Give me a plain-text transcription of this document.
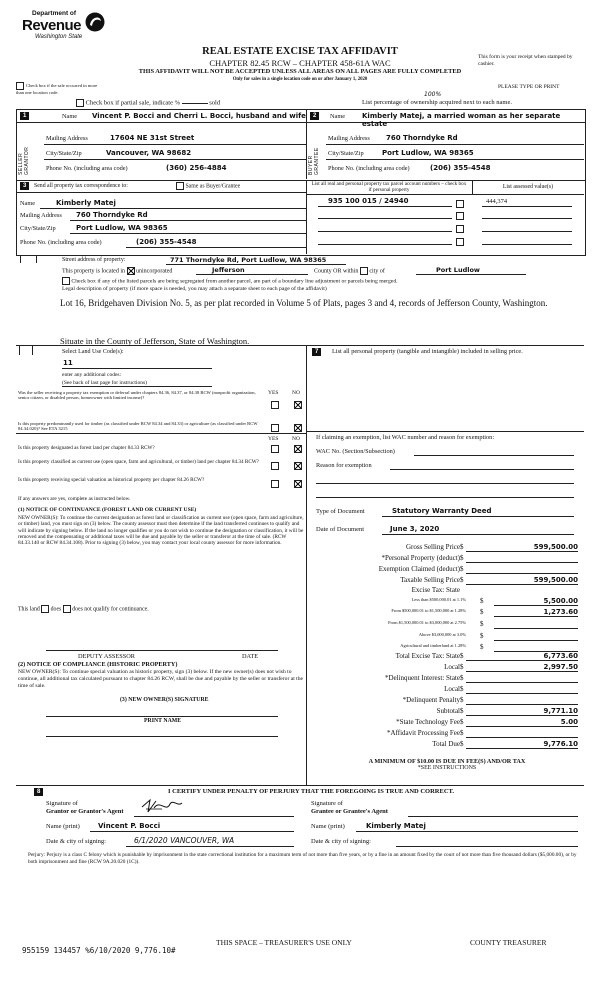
Department of
Revenue
Washington State
REAL ESTATE EXCISE TAX AFFIDAVIT
CHAPTER 82.45 RCW – CHAPTER 458-61A WAC
THIS AFFIDAVIT WILL NOT BE ACCEPTED UNLESS ALL AREAS ON ALL PAGES ARE FULLY COMPLETED
Only for sales in a single location code on or after January 1, 2020
This form is your receipt when stamped by cashier.
PLEASE TYPE OR PRINT
Check box if the sale occurred in more than one location code.
Check box if partial sale, indicate %	sold	List percentage of ownership acquired next to each name.
100%
1
SELLER GRANTOR
Name Vincent P. Bocci and Cherri L. Bocci, husband and wife
Mailing Address	17604 NE 31st Street
City/State/Zip	Vancouver, WA 98682
Phone No. (including area code)	(360) 256-4884
2
BUYER GRANTEE
Name Kimberly Matej, a married woman as her separate estate
Mailing Address 760 Thorndyke Rd
City/State/Zip	Port Ludlow, WA 98365
Phone No. (including area code)	(206) 355-4548
3	Send all property tax correspondence to:	Same as Buyer/Grantee
Name	Kimberly Matej
Mailing Address 760 Thorndyke Rd
City/State/Zip	Port Ludlow, WA 98365
Phone No. (including area code)	(206) 355-4548
List all real and personal property tax parcel account numbers – check box if personal property	List assessed value(s)
935 100 015 / 24940	444,374
Street address of property:	771 Thorndyke Rd, Port Ludlow, WA 98365
This property is located in unincorporated	Jefferson	County OR within city of	Port Ludlow
Check box if any of the listed parcels are being segregated from another parcel, are part of a boundary line adjustment or parcels being merged.
Legal description of property (if more space is needed, you may attach a separate sheet to each page of the affidavit)
Lot 16, Bridgehaven Division No. 5, as per plat recorded in Volume 5 of Plats, pages 3 and 4, records of Jefferson County, Washington.
Situate in the County of Jefferson, State of Washington.
Select Land Use Code(s):
11
enter any additional codes:
(See back of last page for instructions)
YES NO
Was the seller receiving a property tax exemption or deferral under chapters 84.36, 84.37, or 84.38 RCW (nonprofit organization, senior citizen, or disabled person, homeowner with limited income)?
Is this property predominantly used for timber (as classified under RCW 84.34 and 84.33) or agriculture (as classified under RCW 84.34.020)? See ETA 3215
YES NO
Is this property designated as forest land per chapter 84.33 RCW?
Is this property classified as current use (open space, farm and agricultural, or timber) land per chapter 84.34 RCW?
Is this property receiving special valuation as historical property per chapter 84.26 RCW?
If any answers are yes, complete as instructed below.
(1) NOTICE OF CONTINUANCE (FOREST LAND OR CURRENT USE)
NEW OWNER(S): To continue the current designation as forest land or classification as current use (open space, farm and agriculture, or timber) land, you must sign on (3) below. The county assessor must then determine if the land transferred continues to qualify and will indicate by signing below. If the land no longer qualifies or you do not wish to continue the designation or classification, it will be removed and the compensating or additional taxes will be due and payable by the seller or transferor at the time of sale. (RCW 84.33.140 or RCW 84.34.108). Prior to signing (3) below, you may contact your local county assessor for more information.
This land does does not qualify for continuance.
DEPUTY ASSESSOR	DATE
(2) NOTICE OF COMPLIANCE (HISTORIC PROPERTY)
NEW OWNER(S): To continue special valuation as historic property, sign (3) below. If the new owner(s) does not wish to continue, all additional tax calculated pursuant to chapter 84.26 RCW, shall be due and payable by the seller or transferor at the time of sale.
(3) NEW OWNER(S) SIGNATURE
PRINT NAME
7	List all personal property (tangible and intangible) included in selling price.
If claiming an exemption, list WAC number and reason for exemption:
WAC No. (Section/Subsection)
Reason for exemption
Type of Document	Statutory Warranty Deed
Date of Document	June 3, 2020
Gross Selling Price $	599,500.00
*Personal Property (deduct) $

Exemption Claimed (deduct) $

Taxable Selling Price $	599,500.00
Excise Tax: State
Less than $500,000.01 at 1.1% $	5,500.00
From $500,000.01 to $1,500,000 at 1.28% $	1,273.60
From $1,500,000.01 to $3,000,000 at 2.75% $

Above $3,000,000 at 3.0% $

Agricultural and timberland at 1.28% $

Total Excise Tax: State $	6,773.60
Local $	2,997.50
*Delinquent Interest: State $

Local $

*Delinquent Penalty $

Subtotal $	9,771.10
*State Technology Fee $	5.00
*Affidavit Processing Fee $

Total Due $	9,776.10
A MINIMUM OF $10.00 IS DUE IN FEE(S) AND/OR TAX
*SEE INSTRUCTIONS
8	I CERTIFY UNDER PENALTY OF PERJURY THAT THE FOREGOING IS TRUE AND CORRECT.
Signature of
Grantor or Grantor's Agent
Signature of
Grantee or Grantee's Agent
Name (print)	Vincent P. Bocci	Name (print)	Kimberly Matej
Date & city of signing:	6/1/2020 VANCOUVER, WA	Date & city of signing:
Perjury: Perjury is a class C felony which is punishable by imprisonment in the state correctional institution for a maximum term of not more than five years, or by a fine in an amount fixed by the court of not more than five thousand dollars ($5,000.00), or by both imprisonment and fine (RCW 9A.20.020 (1C)).
955159 134457 %6/10/2020 9,776.10#
THIS SPACE – TREASURER'S USE ONLY	COUNTY TREASURER
